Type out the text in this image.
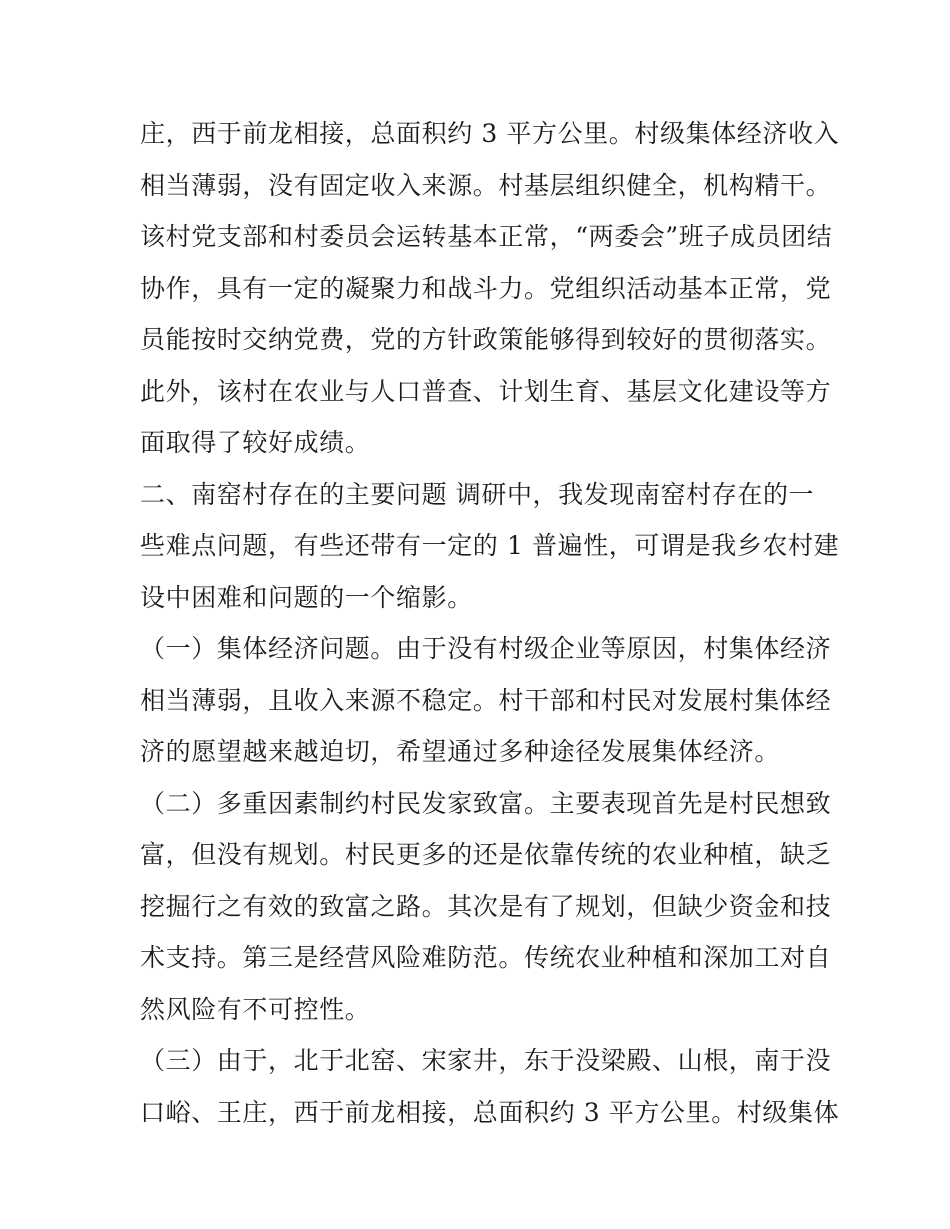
庄，西于前龙相接，总面积约 3 平方公里。村级集体经济收入
相当薄弱，没有固定收入来源。村基层组织健全，机构精干。
该村党支部和村委员会运转基本正常，“两委会”班子成员团结
协作，具有一定的凝聚力和战斗力。党组织活动基本正常，党
员能按时交纳党费，党的方针政策能够得到较好的贯彻落实。
此外，该村在农业与人口普查、计划生育、基层文化建设等方
面取得了较好成绩。
二、南窑村存在的主要问题 调研中，我发现南窑村存在的一
些难点问题，有些还带有一定的 1 普遍性，可谓是我乡农村建
设中困难和问题的一个缩影。
（一）集体经济问题。由于没有村级企业等原因，村集体经济
相当薄弱，且收入来源不稳定。村干部和村民对发展村集体经
济的愿望越来越迫切，希望通过多种途径发展集体经济。
（二）多重因素制约村民发家致富。主要表现首先是村民想致
富，但没有规划。村民更多的还是依靠传统的农业种植，缺乏
挖掘行之有效的致富之路。其次是有了规划，但缺少资金和技
术支持。第三是经营风险难防范。传统农业种植和深加工对自
然风险有不可控性。
（三）由于，北于北窑、宋家井，东于没梁殿、山根，南于没
口峪、王庄，西于前龙相接，总面积约 3 平方公里。村级集体
